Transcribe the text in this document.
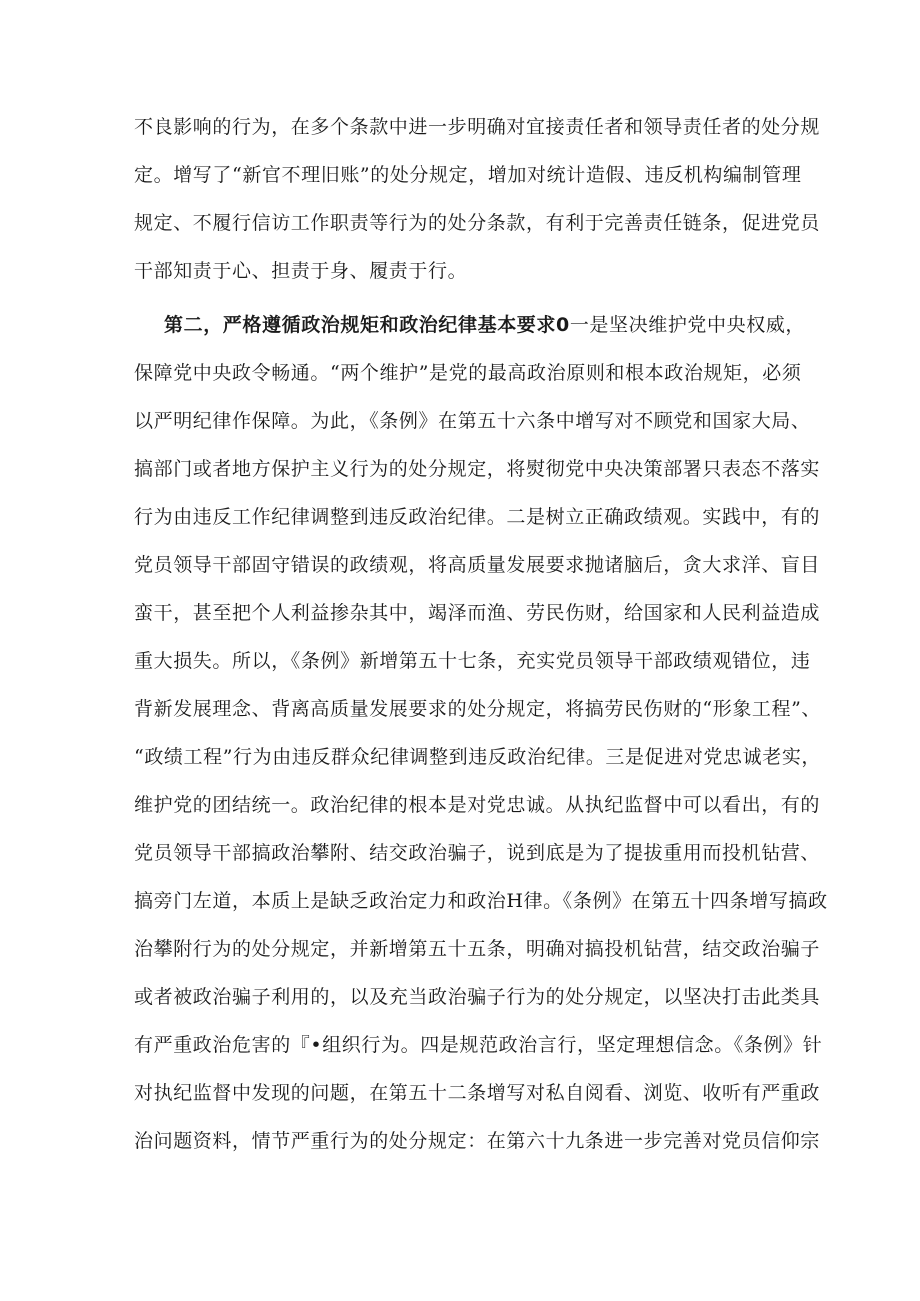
不良影响的行为，在多个条款中进一步明确对宜接责任者和领导责任者的处分规
定。增写了“新官不理旧账”的处分规定，增加对统计造假、违反机构编制管理
规定、不履行信访工作职责等行为的处分条款，有利于完善责任链条，促进党员
干部知责于心、担责于身、履责于行。
第二，严格遵循政治规矩和政治纪律基本要求0一是坚决维护党中央权威，
保障党中央政令畅通。“两个维护”是党的最高政治原则和根本政治规矩，必须
以严明纪律作保障。为此，《条例》在第五十六条中增写对不顾党和国家大局、
搞部门或者地方保护主义行为的处分规定，将熨彻党中央决策部署只表态不落实
行为由违反工作纪律调整到违反政治纪律。二是树立正确政绩观。实践中，有的
党员领导干部固守错误的政绩观，将高质量发展要求抛诸脑后，贪大求洋、盲目
蛮干，甚至把个人利益掺杂其中，竭泽而渔、劳民伤财，给国家和人民利益造成
重大损失。所以，《条例》新增第五十七条，充实党员领导干部政绩观错位，违
背新发展理念、背离高质量发展要求的处分规定，将搞劳民伤财的“形象工程”、
“政绩工程”行为由违反群众纪律调整到违反政治纪律。三是促进对党忠诚老实，
维护党的团结统一。政治纪律的根本是对党忠诚。从执纪监督中可以看出，有的
党员领导干部搞政治攀附、结交政治骗子，说到底是为了提拔重用而投机钻营、
搞旁门左道，本质上是缺乏政治定力和政治H律。《条例》在第五十四条增写搞政
治攀附行为的处分规定，并新增第五十五条，明确对搞投机钻营，结交政治骗子
或者被政治骗子利用的，以及充当政治骗子行为的处分规定，以坚决打击此类具
有严重政治危害的『•组织行为。四是规范政治言行，坚定理想信念。《条例》针
对执纪监督中发现的问题，在第五十二条增写对私自阅看、浏览、收听有严重政
治问题资料，情节严重行为的处分规定：在第六十九条进一步完善对党员信仰宗
